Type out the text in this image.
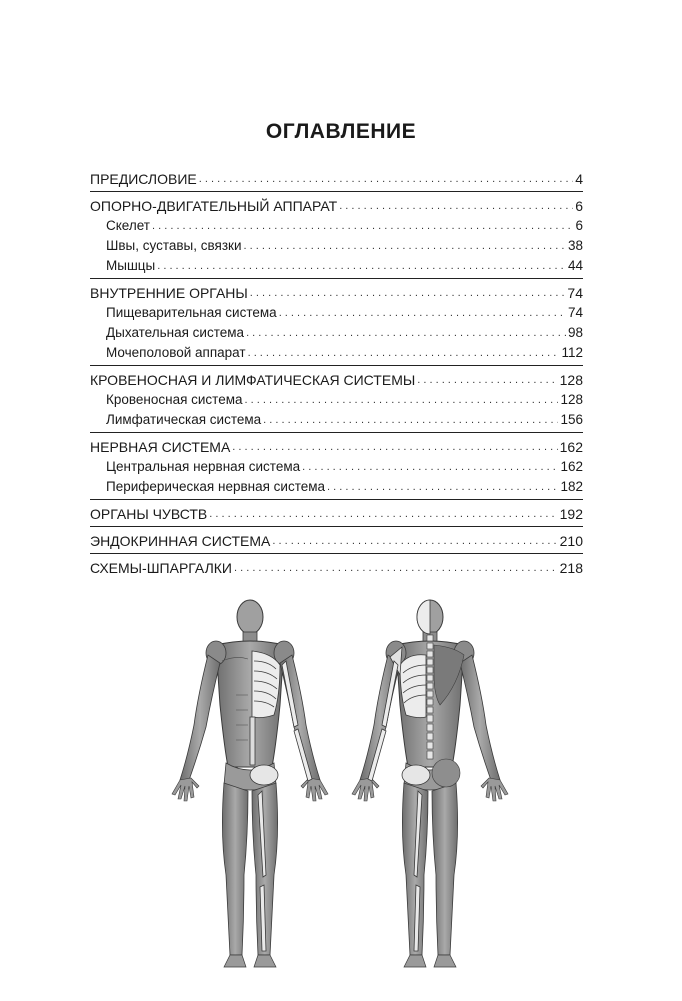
ОГЛАВЛЕНИЕ
ПРЕДИСЛОВИЕ . . .	4
ОПОРНО-ДВИГАТЕЛЬНЫЙ АППАРАТ . . .	6
Скелет . . .	6
Швы, суставы, связки . . .	38
Мышцы . . .	44
ВНУТРЕННИЕ ОРГАНЫ . . .	74
Пищеварительная система . . .	74
Дыхательная система . . .	98
Мочеполовой аппарат . . .	112
КРОВЕНОСНАЯ И ЛИМФАТИЧЕСКАЯ СИСТЕМЫ . . .	128
Кровеносная система . . .	128
Лимфатическая система . . .	156
НЕРВНАЯ СИСТЕМА . . .	162
Центральная нервная система . . .	162
Периферическая нервная система . . .	182
ОРГАНЫ ЧУВСТВ . . .	192
ЭНДОКРИННАЯ СИСТЕМА . . .	210
СХЕМЫ-ШПАРГАЛКИ . . .	218
